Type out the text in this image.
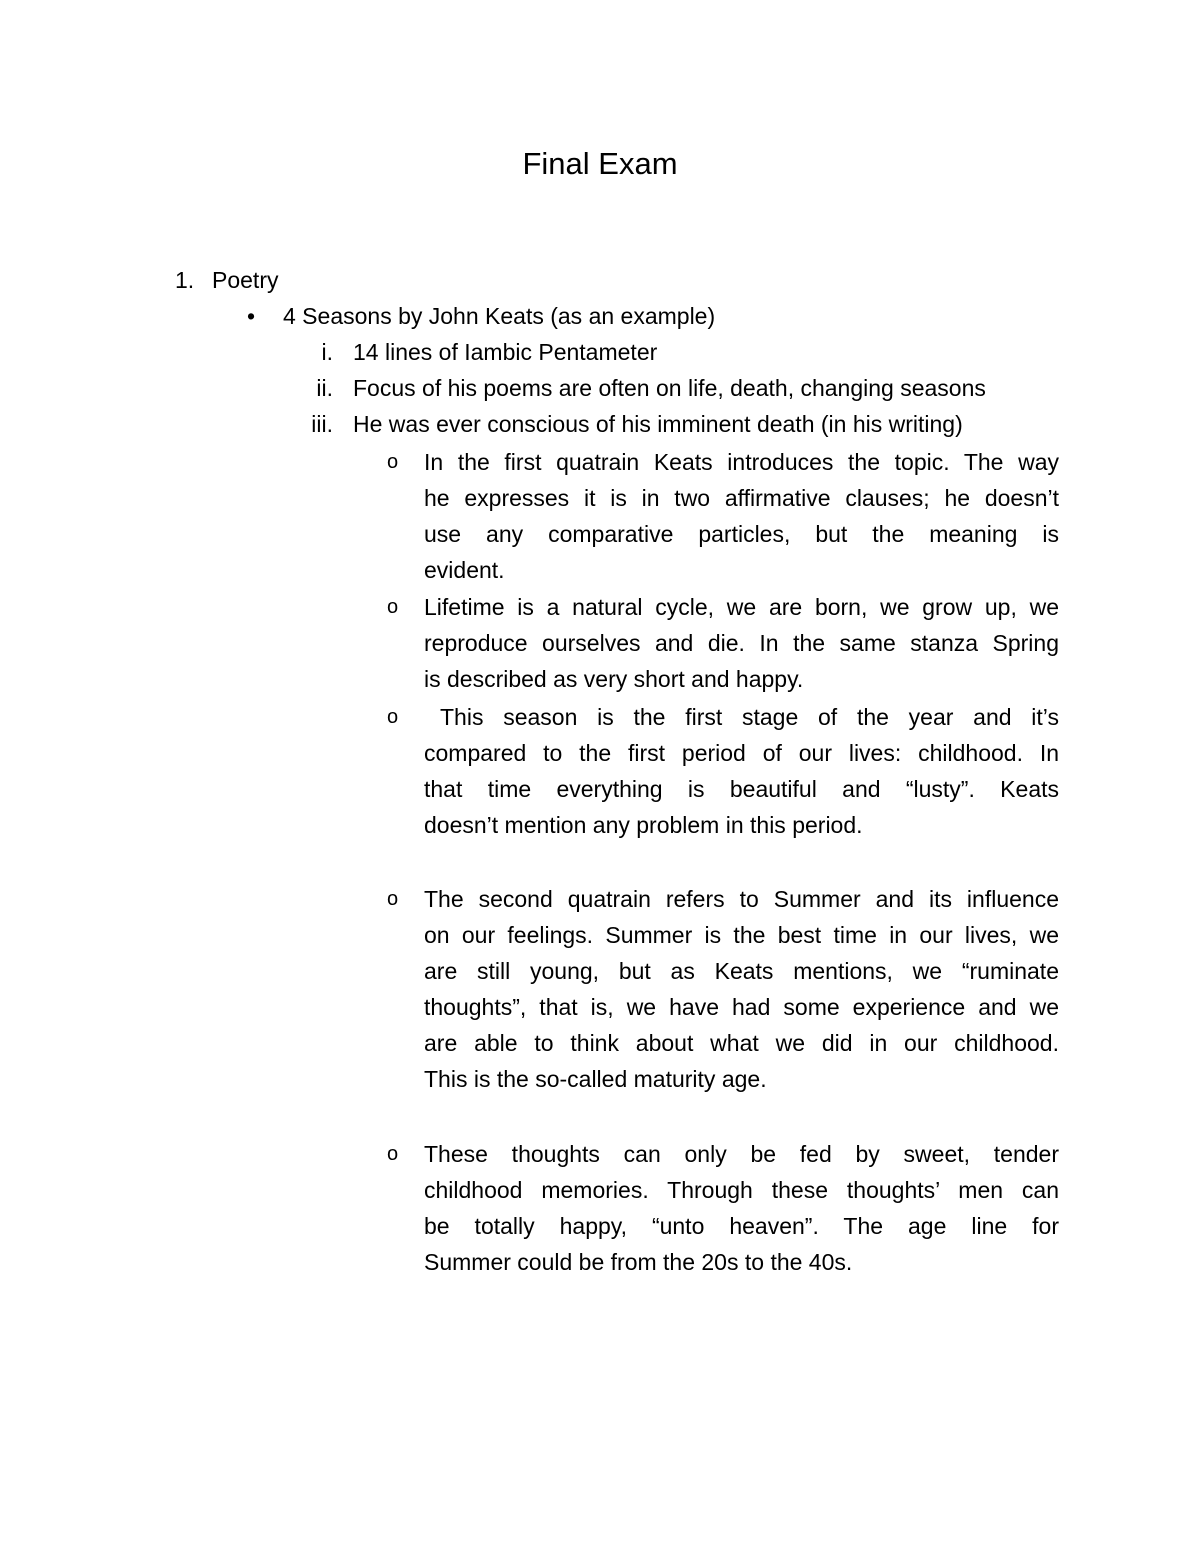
Final Exam
1. Poetry
• 4 Seasons by John Keats (as an example)
i. 14 lines of Iambic Pentameter
ii. Focus of his poems are often on life, death, changing seasons
iii. He was ever conscious of his imminent death (in his writing)
o In the first quatrain Keats introduces the topic. The way
he expresses it is in two affirmative clauses; he doesn’t
use any comparative particles, but the meaning is
evident.
o Lifetime is a natural cycle, we are born, we grow up, we
reproduce ourselves and die. In the same stanza Spring
is described as very short and happy.
o This season is the first stage of the year and it’s
compared to the first period of our lives: childhood. In
that time everything is beautiful and “lusty”. Keats
doesn’t mention any problem in this period.
o The second quatrain refers to Summer and its influence
on our feelings. Summer is the best time in our lives, we
are still young, but as Keats mentions, we “ruminate
thoughts”, that is, we have had some experience and we
are able to think about what we did in our childhood.
This is the so-called maturity age.
o These thoughts can only be fed by sweet, tender
childhood memories. Through these thoughts’ men can
be totally happy, “unto heaven”. The age line for
Summer could be from the 20s to the 40s.
